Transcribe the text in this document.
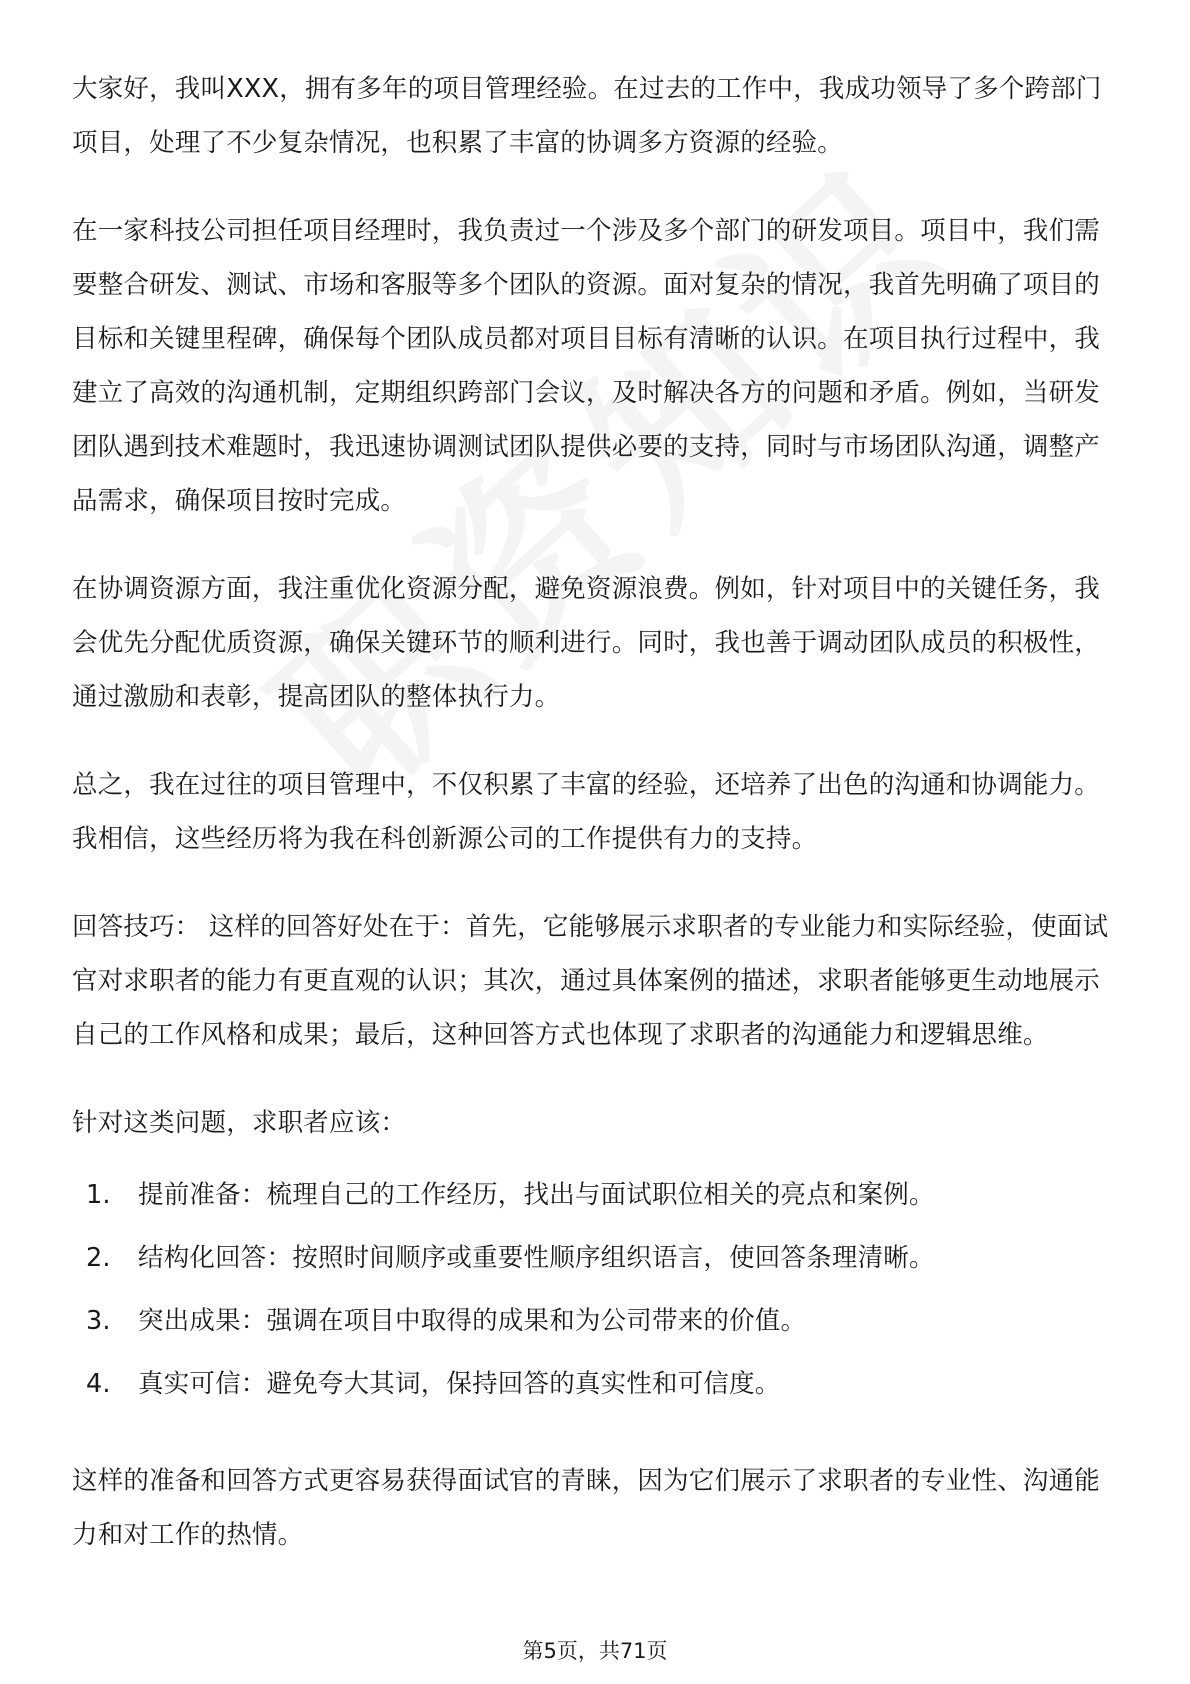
大家好，我叫XXX，拥有多年的项目管理经验。在过去的工作中，我成功领导了多个跨部门项目，处理了不少复杂情况，也积累了丰富的协调多方资源的经验。

在一家科技公司担任项目经理时，我负责过一个涉及多个部门的研发项目。项目中，我们需要整合研发、测试、市场和客服等多个团队的资源。面对复杂的情况，我首先明确了项目的目标和关键里程碑，确保每个团队成员都对项目目标有清晰的认识。在项目执行过程中，我建立了高效的沟通机制，定期组织跨部门会议，及时解决各方的问题和矛盾。例如，当研发团队遇到技术难题时，我迅速协调测试团队提供必要的支持，同时与市场团队沟通，调整产品需求，确保项目按时完成。

在协调资源方面，我注重优化资源分配，避免资源浪费。例如，针对项目中的关键任务，我会优先分配优质资源，确保关键环节的顺利进行。同时，我也善于调动团队成员的积极性，通过激励和表彰，提高团队的整体执行力。

总之，我在过往的项目管理中，不仅积累了丰富的经验，还培养了出色的沟通和协调能力。我相信，这些经历将为我在科创新源公司的工作提供有力的支持。

回答技巧： 这样的回答好处在于：首先，它能够展示求职者的专业能力和实际经验，使面试官对求职者的能力有更直观的认识；其次，通过具体案例的描述，求职者能够更生动地展示自己的工作风格和成果；最后，这种回答方式也体现了求职者的沟通能力和逻辑思维。

针对这类问题，求职者应该：

1.	提前准备：梳理自己的工作经历，找出与面试职位相关的亮点和案例。
2.	结构化回答：按照时间顺序或重要性顺序组织语言，使回答条理清晰。
3.	突出成果：强调在项目中取得的成果和为公司带来的价值。
4.	真实可信：避免夸大其词，保持回答的真实性和可信度。

这样的准备和回答方式更容易获得面试官的青睐，因为它们展示了求职者的专业性、沟通能力和对工作的热情。

第5页，共71页
